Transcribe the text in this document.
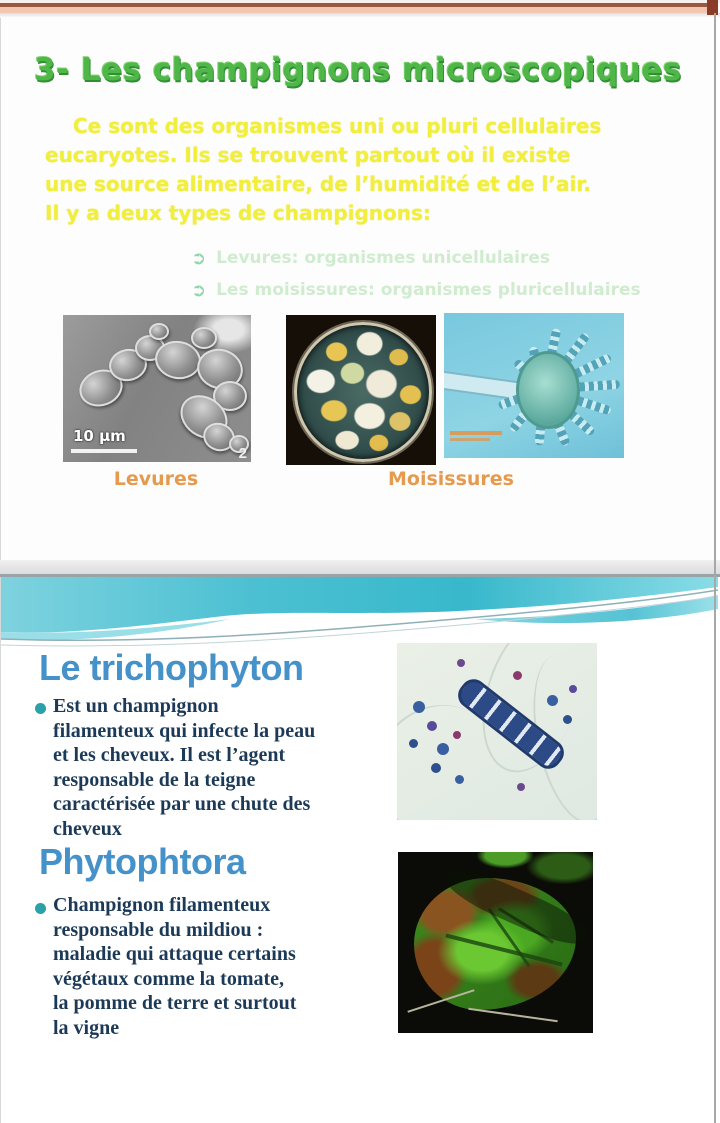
3- Les champignons microscopiques
Ce sont des organismes uni ou pluri cellulaires
eucaryotes. Ils se trouvent partout où il existe
une source alimentaire, de l’humidité et de l’air.
Il y a deux types de champignons:
➲ Levures: organismes unicellulaires
➲ Les moisissures: organismes pluricellulaires
10 μm
2
Levures	Moisissures
Le trichophyton
Est un champignon
filamenteux qui infecte la peau
et les cheveux. Il est l’agent
responsable de la teigne
caractérisée par une chute des
cheveux
Phytophtora
Champignon filamenteux
responsable du mildiou :
maladie qui attaque certains
végétaux comme la tomate,
la pomme de terre et surtout
la vigne
